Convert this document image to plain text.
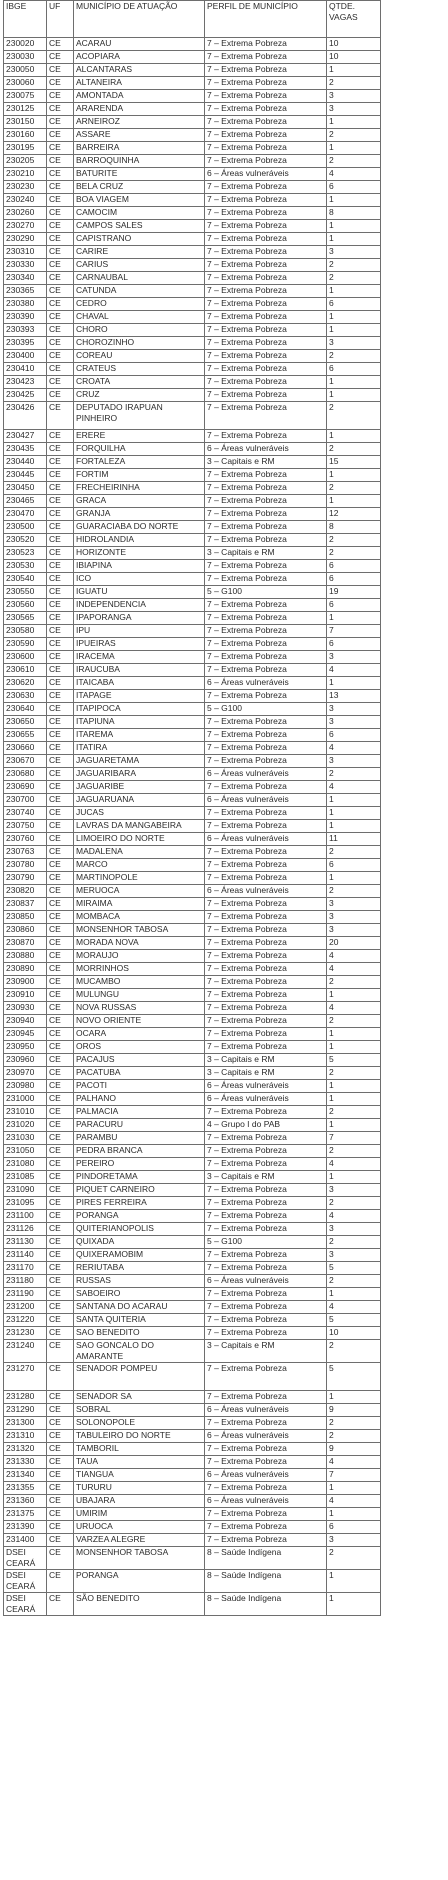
IBGE	UF	MUNICÍPIO DE ATUAÇÃO	PERFIL DE MUNICÍPIO	QTDE. VAGAS
230020	CE	ACARAU	7 – Extrema Pobreza	10
230030	CE	ACOPIARA	7 – Extrema Pobreza	10
230050	CE	ALCANTARAS	7 – Extrema Pobreza	1
230060	CE	ALTANEIRA	7 – Extrema Pobreza	2
230075	CE	AMONTADA	7 – Extrema Pobreza	3
230125	CE	ARARENDA	7 – Extrema Pobreza	3
230150	CE	ARNEIROZ	7 – Extrema Pobreza	1
230160	CE	ASSARE	7 – Extrema Pobreza	2
230195	CE	BARREIRA	7 – Extrema Pobreza	1
230205	CE	BARROQUINHA	7 – Extrema Pobreza	2
230210	CE	BATURITE	6 – Áreas vulneráveis	4
230230	CE	BELA CRUZ	7 – Extrema Pobreza	6
230240	CE	BOA VIAGEM	7 – Extrema Pobreza	1
230260	CE	CAMOCIM	7 – Extrema Pobreza	8
230270	CE	CAMPOS SALES	7 – Extrema Pobreza	1
230290	CE	CAPISTRANO	7 – Extrema Pobreza	1
230310	CE	CARIRE	7 – Extrema Pobreza	3
230330	CE	CARIUS	7 – Extrema Pobreza	2
230340	CE	CARNAUBAL	7 – Extrema Pobreza	2
230365	CE	CATUNDA	7 – Extrema Pobreza	1
230380	CE	CEDRO	7 – Extrema Pobreza	6
230390	CE	CHAVAL	7 – Extrema Pobreza	1
230393	CE	CHORO	7 – Extrema Pobreza	1
230395	CE	CHOROZINHO	7 – Extrema Pobreza	3
230400	CE	COREAU	7 – Extrema Pobreza	2
230410	CE	CRATEUS	7 – Extrema Pobreza	6
230423	CE	CROATA	7 – Extrema Pobreza	1
230425	CE	CRUZ	7 – Extrema Pobreza	1
230426	CE	DEPUTADO IRAPUAN PINHEIRO	7 – Extrema Pobreza	2
230427	CE	ERERE	7 – Extrema Pobreza	1
230435	CE	FORQUILHA	6 – Áreas vulneráveis	2
230440	CE	FORTALEZA	3 – Capitais e RM	15
230445	CE	FORTIM	7 – Extrema Pobreza	1
230450	CE	FRECHEIRINHA	7 – Extrema Pobreza	2
230465	CE	GRACA	7 – Extrema Pobreza	1
230470	CE	GRANJA	7 – Extrema Pobreza	12
230500	CE	GUARACIABA DO NORTE	7 – Extrema Pobreza	8
230520	CE	HIDROLANDIA	7 – Extrema Pobreza	2
230523	CE	HORIZONTE	3 – Capitais e RM	2
230530	CE	IBIAPINA	7 – Extrema Pobreza	6
230540	CE	ICO	7 – Extrema Pobreza	6
230550	CE	IGUATU	5 – G100	19
230560	CE	INDEPENDENCIA	7 – Extrema Pobreza	6
230565	CE	IPAPORANGA	7 – Extrema Pobreza	1
230580	CE	IPU	7 – Extrema Pobreza	7
230590	CE	IPUEIRAS	7 – Extrema Pobreza	6
230600	CE	IRACEMA	7 – Extrema Pobreza	3
230610	CE	IRAUCUBA	7 – Extrema Pobreza	4
230620	CE	ITAICABA	6 – Áreas vulneráveis	1
230630	CE	ITAPAGE	7 – Extrema Pobreza	13
230640	CE	ITAPIPOCA	5 – G100	3
230650	CE	ITAPIUNA	7 – Extrema Pobreza	3
230655	CE	ITAREMA	7 – Extrema Pobreza	6
230660	CE	ITATIRA	7 – Extrema Pobreza	4
230670	CE	JAGUARETAMA	7 – Extrema Pobreza	3
230680	CE	JAGUARIBARA	6 – Áreas vulneráveis	2
230690	CE	JAGUARIBE	7 – Extrema Pobreza	4
230700	CE	JAGUARUANA	6 – Áreas vulneráveis	1
230740	CE	JUCAS	7 – Extrema Pobreza	1
230750	CE	LAVRAS DA MANGABEIRA	7 – Extrema Pobreza	1
230760	CE	LIMOEIRO DO NORTE	6 – Áreas vulneráveis	11
230763	CE	MADALENA	7 – Extrema Pobreza	2
230780	CE	MARCO	7 – Extrema Pobreza	6
230790	CE	MARTINOPOLE	7 – Extrema Pobreza	1
230820	CE	MERUOCA	6 – Áreas vulneráveis	2
230837	CE	MIRAIMA	7 – Extrema Pobreza	3
230850	CE	MOMBACA	7 – Extrema Pobreza	3
230860	CE	MONSENHOR TABOSA	7 – Extrema Pobreza	3
230870	CE	MORADA NOVA	7 – Extrema Pobreza	20
230880	CE	MORAUJO	7 – Extrema Pobreza	4
230890	CE	MORRINHOS	7 – Extrema Pobreza	4
230900	CE	MUCAMBO	7 – Extrema Pobreza	2
230910	CE	MULUNGU	7 – Extrema Pobreza	1
230930	CE	NOVA RUSSAS	7 – Extrema Pobreza	4
230940	CE	NOVO ORIENTE	7 – Extrema Pobreza	2
230945	CE	OCARA	7 – Extrema Pobreza	1
230950	CE	OROS	7 – Extrema Pobreza	1
230960	CE	PACAJUS	3 – Capitais e RM	5
230970	CE	PACATUBA	3 – Capitais e RM	2
230980	CE	PACOTI	6 – Áreas vulneráveis	1
231000	CE	PALHANO	6 – Áreas vulneráveis	1
231010	CE	PALMACIA	7 – Extrema Pobreza	2
231020	CE	PARACURU	4 – Grupo I do PAB	1
231030	CE	PARAMBU	7 – Extrema Pobreza	7
231050	CE	PEDRA BRANCA	7 – Extrema Pobreza	2
231080	CE	PEREIRO	7 – Extrema Pobreza	4
231085	CE	PINDORETAMA	3 – Capitais e RM	1
231090	CE	PIQUET CARNEIRO	7 – Extrema Pobreza	3
231095	CE	PIRES FERREIRA	7 – Extrema Pobreza	2
231100	CE	PORANGA	7 – Extrema Pobreza	4
231126	CE	QUITERIANOPOLIS	7 – Extrema Pobreza	3
231130	CE	QUIXADA	5 – G100	2
231140	CE	QUIXERAMOBIM	7 – Extrema Pobreza	3
231170	CE	RERIUTABA	7 – Extrema Pobreza	5
231180	CE	RUSSAS	6 – Áreas vulneráveis	2
231190	CE	SABOEIRO	7 – Extrema Pobreza	1
231200	CE	SANTANA DO ACARAU	7 – Extrema Pobreza	4
231220	CE	SANTA QUITERIA	7 – Extrema Pobreza	5
231230	CE	SAO BENEDITO	7 – Extrema Pobreza	10
231240	CE	SAO GONCALO DO AMARANTE	3 – Capitais e RM	2
231270	CE	SENADOR POMPEU	7 – Extrema Pobreza	5
231280	CE	SENADOR SA	7 – Extrema Pobreza	1
231290	CE	SOBRAL	6 – Áreas vulneráveis	9
231300	CE	SOLONOPOLE	7 – Extrema Pobreza	2
231310	CE	TABULEIRO DO NORTE	6 – Áreas vulneráveis	2
231320	CE	TAMBORIL	7 – Extrema Pobreza	9
231330	CE	TAUA	7 – Extrema Pobreza	4
231340	CE	TIANGUA	6 – Áreas vulneráveis	7
231355	CE	TURURU	7 – Extrema Pobreza	1
231360	CE	UBAJARA	6 – Áreas vulneráveis	4
231375	CE	UMIRIM	7 – Extrema Pobreza	1
231390	CE	URUOCA	7 – Extrema Pobreza	6
231400	CE	VARZEA ALEGRE	7 – Extrema Pobreza	3
DSEI CEARÁ	CE	MONSENHOR TABOSA	8 – Saúde Indígena	2
DSEI CEARÁ	CE	PORANGA	8 – Saúde Indígena	1
DSEI CEARÁ	CE	SÃO BENEDITO	8 – Saúde Indígena	1
